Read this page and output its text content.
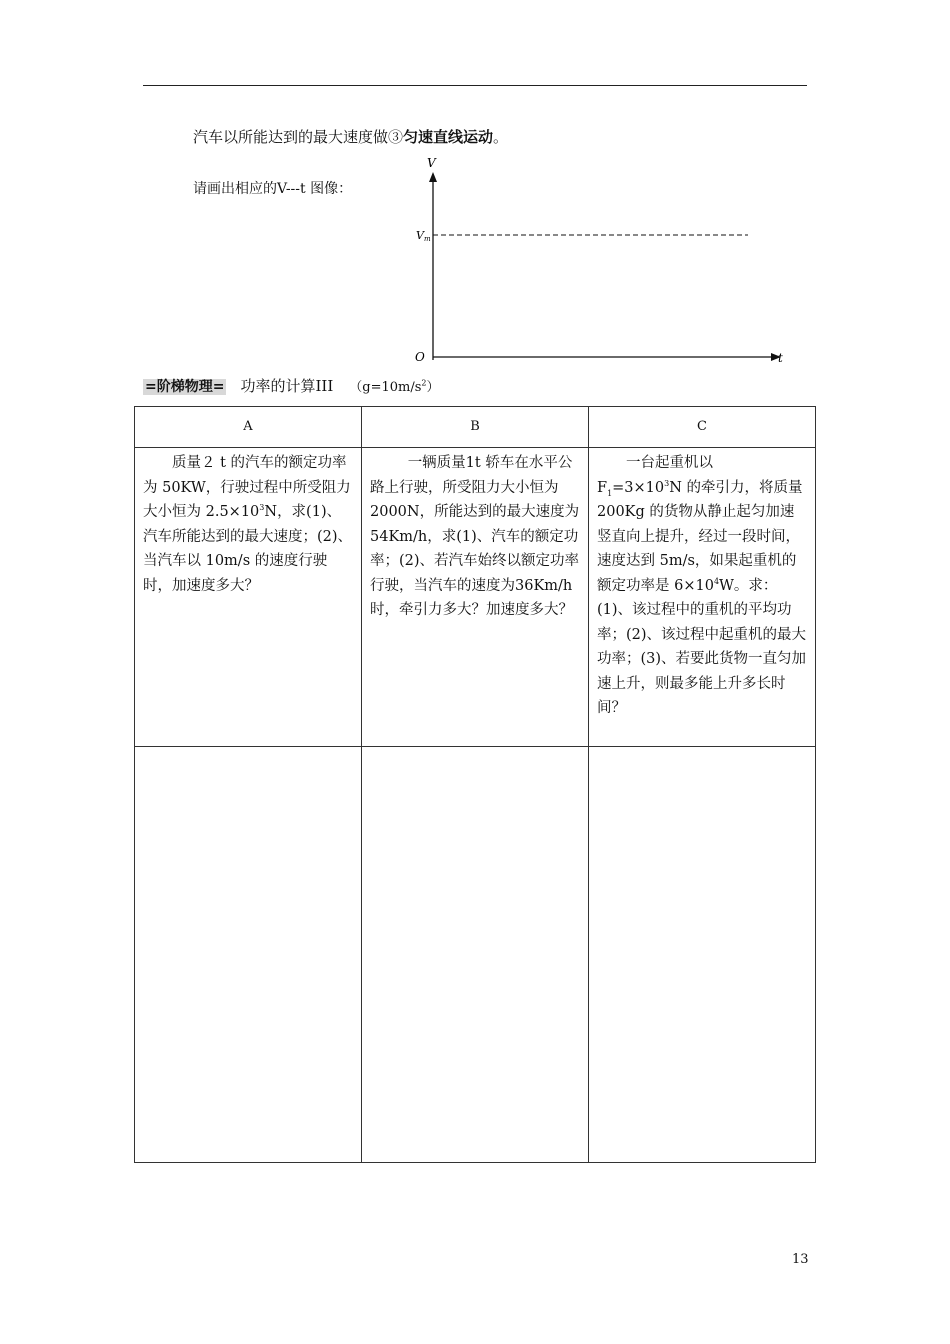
汽车以所能达到的最大速度做③匀速直线运动。
请画出相应的V---t 图像：
V
t
O
Vm
=阶梯物理= 功率的计算III $(g=10m/s^2)$
A	B	C
质量２ t 的汽车的额定功率为 50KW，行驶过程中所受阻力大小恒为 $2.5\times 10^3N$，求(1)、汽车所能达到的最大速度；(2)、当汽车以 10m/s 的速度行驶时，加速度多大？	一辆质量1t 轿车在水平公路上行驶，所受阻力大小恒为2000N，所能达到的最大速度为54Km/h，求(1)、汽车的额定功率；(2)、若汽车始终以额定功率行驶，当汽车的速度为36Km/h时，牵引力多大？加速度多大？	一台起重机以
$F_1=3\times 10^3N$ 的牵引力，将质量200Kg 的货物从静止起匀加速竖直向上提升，经过一段时间，速度达到 5m/s，如果起重机的额定功率是 $6\times 10^4W$。求：(1)、该过程中的重机的平均功率；(2)、该过程中起重机的最大功率；(3)、若要此货物一直匀加速上升，则最多能上升多长时间？

13
